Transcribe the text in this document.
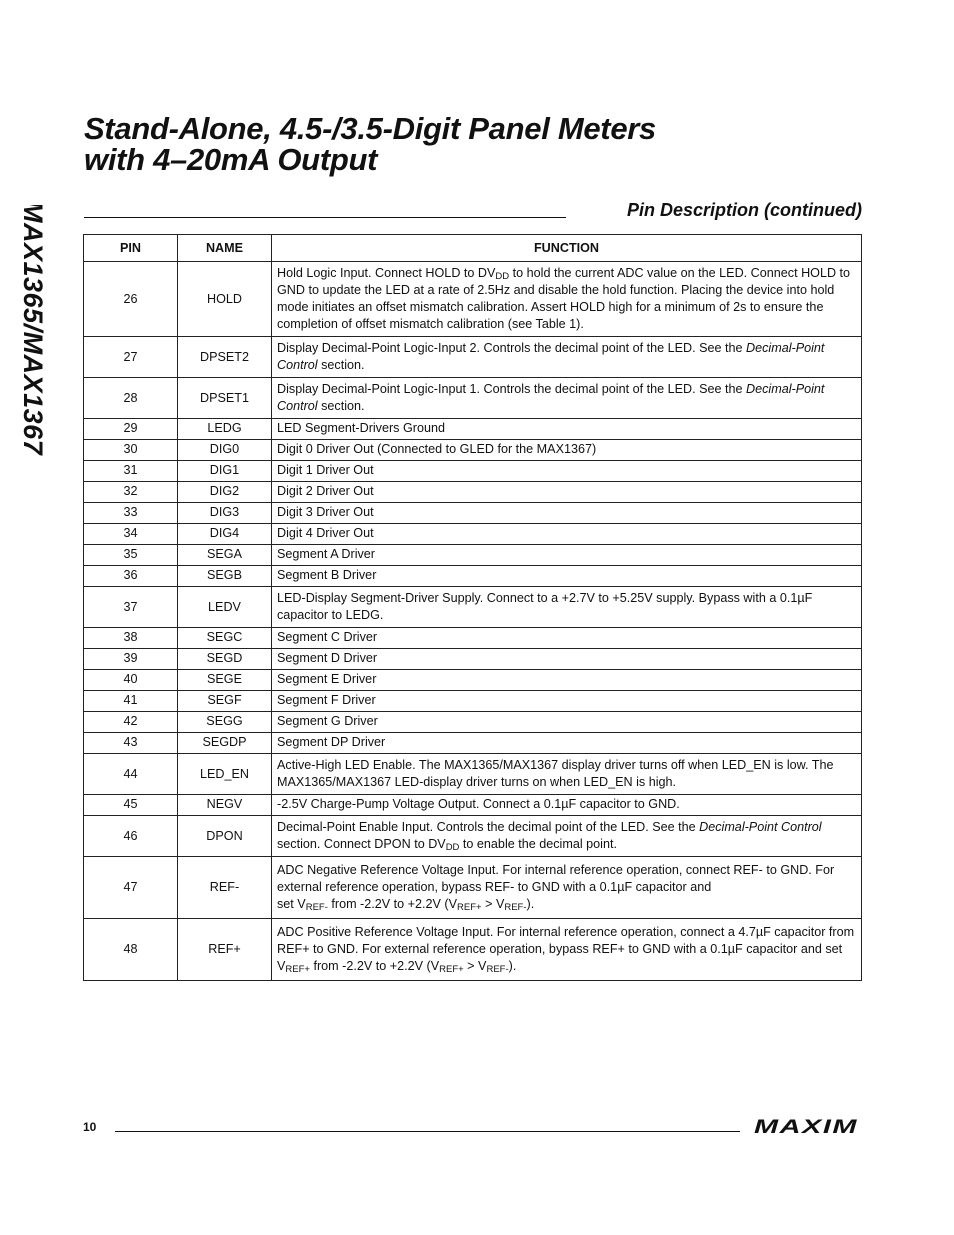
MAX1365/MAX1367
Stand-Alone, 4.5-/3.5-Digit Panel Meters
with 4–20mA Output
Pin Description (continued)
PIN	NAME	FUNCTION
26	HOLD	Hold Logic Input. Connect HOLD to $DV_{DD}$ to hold the current ADC value on the LED. Connect HOLD to GND to update the LED at a rate of 2.5Hz and disable the hold function. Placing the device into hold mode initiates an offset mismatch calibration. Assert HOLD high for a minimum of 2s to ensure the completion of offset mismatch calibration (see Table 1).
27	DPSET2	Display Decimal-Point Logic-Input 2. Controls the decimal point of the LED. See the Decimal-Point Control section.
28	DPSET1	Display Decimal-Point Logic-Input 1. Controls the decimal point of the LED. See the Decimal-Point Control section.
29	LEDG	LED Segment-Drivers Ground
30	DIG0	Digit 0 Driver Out (Connected to GLED for the MAX1367)
31	DIG1	Digit 1 Driver Out
32	DIG2	Digit 2 Driver Out
33	DIG3	Digit 3 Driver Out
34	DIG4	Digit 4 Driver Out
35	SEGA	Segment A Driver
36	SEGB	Segment B Driver
37	LEDV	LED-Display Segment-Driver Supply. Connect to a +2.7V to +5.25V supply. Bypass with a 0.1µF capacitor to LEDG.
38	SEGC	Segment C Driver
39	SEGD	Segment D Driver
40	SEGE	Segment E Driver
41	SEGF	Segment F Driver
42	SEGG	Segment G Driver
43	SEGDP	Segment DP Driver
44	LED_EN	Active-High LED Enable. The MAX1365/MAX1367 display driver turns off when LED_EN is low. The MAX1365/MAX1367 LED-display driver turns on when LED_EN is high.
45	NEGV	-2.5V Charge-Pump Voltage Output. Connect a 0.1µF capacitor to GND.
46	DPON	Decimal-Point Enable Input. Controls the decimal point of the LED. See the Decimal-Point Control section. Connect DPON to $DV_{DD}$ to enable the decimal point.
47	REF-	ADC Negative Reference Voltage Input. For internal reference operation, connect REF- to GND. For external reference operation, bypass REF- to GND with a 0.1µF capacitor and
set $V_{REF-}$ from -2.2V to +2.2V $(V_{REF+} > V_{REF-})$.
48	REF+	ADC Positive Reference Voltage Input. For internal reference operation, connect a 4.7µF capacitor from REF+ to GND. For external reference operation, bypass REF+ to GND with a 0.1µF capacitor and set $V_{REF+}$ from -2.2V to +2.2V $(V_{REF+} > V_{REF-})$.
10	MAXIM
